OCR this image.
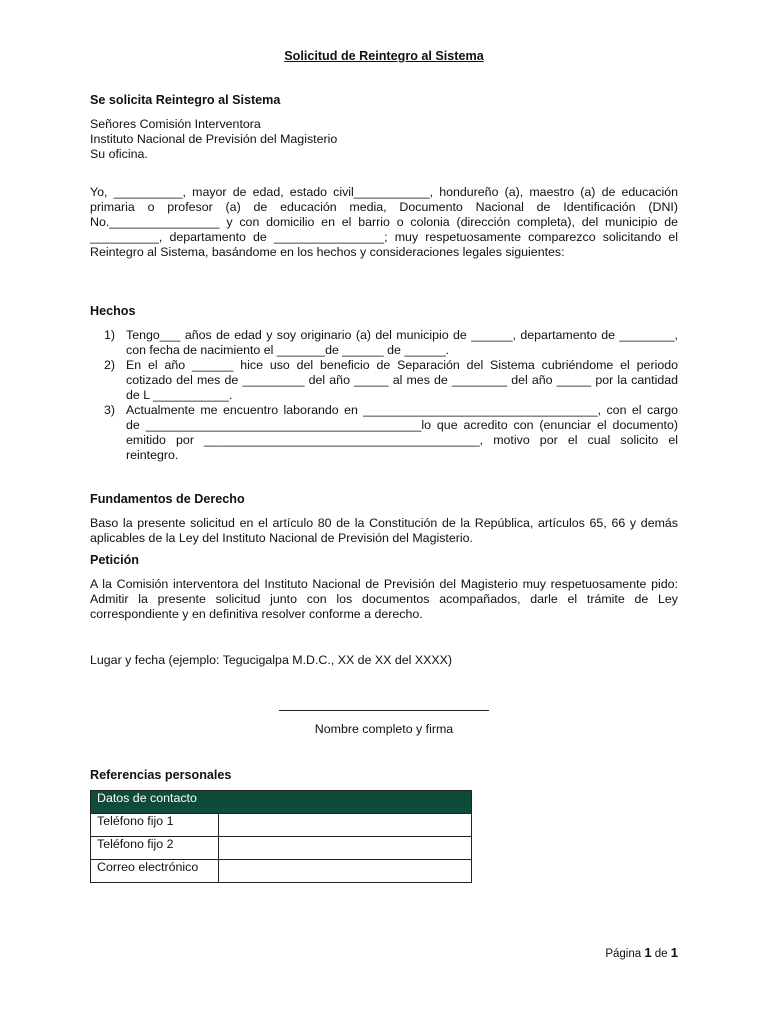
Solicitud de Reintegro al Sistema
Se solicita Reintegro al Sistema
Señores Comisión Interventora
Instituto Nacional de Previsión del Magisterio
Su oficina.
Yo, __________, mayor de edad, estado civil___________, hondureño (a), maestro (a) de educación primaria o profesor (a) de educación media, Documento Nacional de Identificación (DNI) No.________________ y con domicilio en el barrio o colonia (dirección completa), del municipio de __________, departamento de ________________; muy respetuosamente comparezco solicitando el Reintegro al Sistema, basándome en los hechos y consideraciones legales siguientes:
Hechos
1) Tengo___ años de edad y soy originario (a) del municipio de ______, departamento de ________, con fecha de nacimiento el _______de ______ de ______.
2) En el año ______ hice uso del beneficio de Separación del Sistema cubriéndome el periodo cotizado del mes de _________ del año _____ al mes de ________ del año _____ por la cantidad de L ___________.
3) Actualmente me encuentro laborando en __________________________________, con el cargo de ________________________________________lo que acredito con (enunciar el documento) emitido por ________________________________________, motivo por el cual solicito el reintegro.
Fundamentos de Derecho
Baso la presente solicitud en el artículo 80 de la Constitución de la República, artículos 65, 66 y demás aplicables de la Ley del Instituto Nacional de Previsión del Magisterio.
Petición
A la Comisión interventora del Instituto Nacional de Previsión del Magisterio muy respetuosamente pido: Admitir la presente solicitud junto con los documentos acompañados, darle el trámite de Ley correspondiente y en definitiva resolver conforme a derecho.
Lugar y fecha (ejemplo: Tegucigalpa M.D.C., XX de XX del XXXX)
Nombre completo y firma
Referencias personales
Datos de contacto	
Teléfono fijo 1	
Teléfono fijo 2	
Correo electrónico	
Página 1 de 1
